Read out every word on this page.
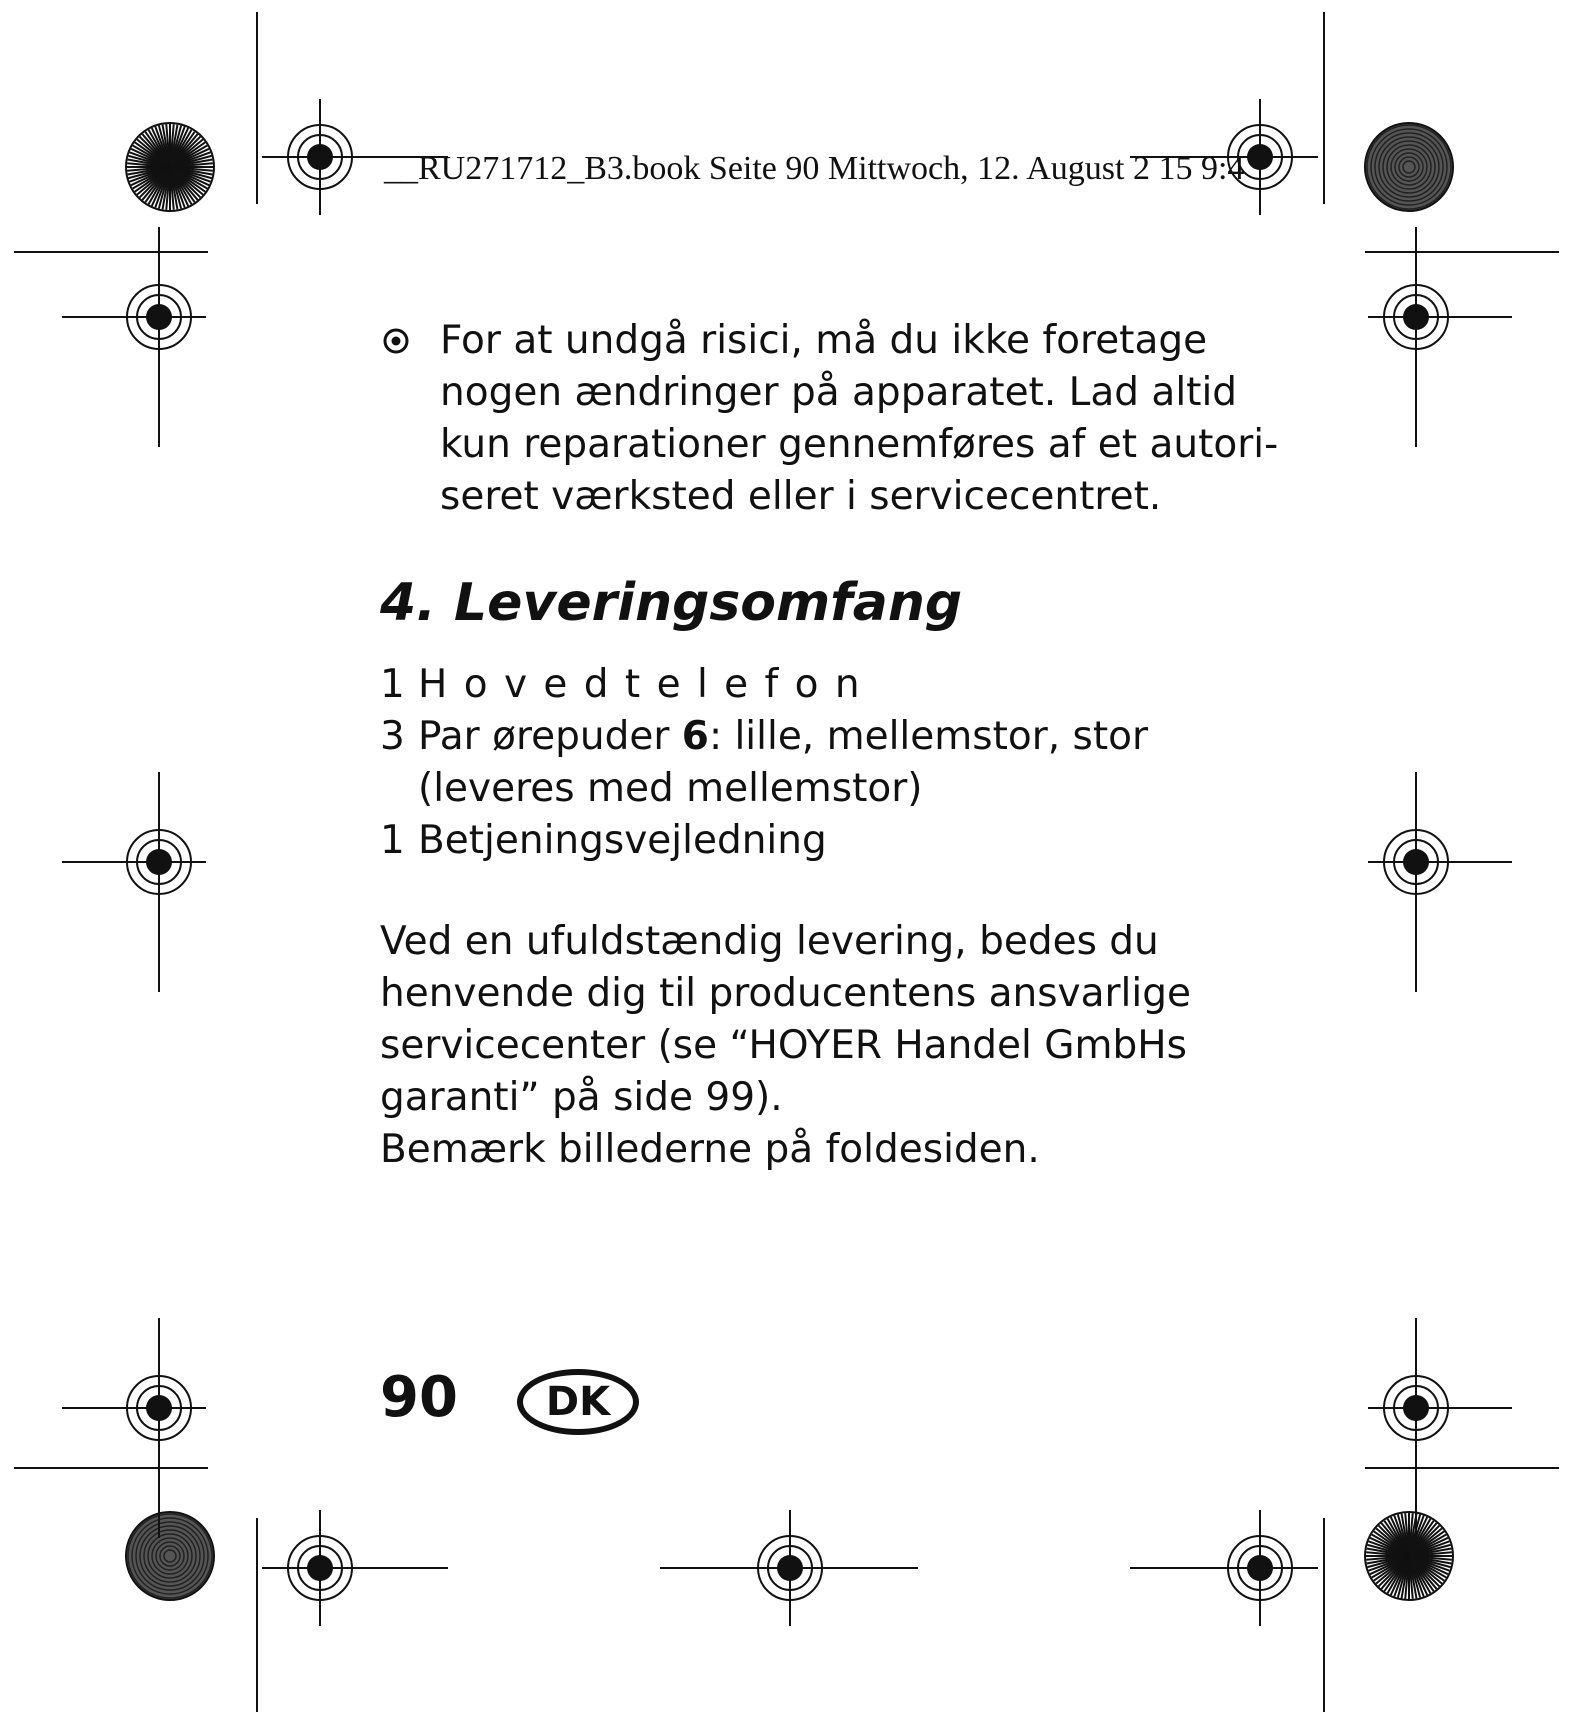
__RU271712_B3.book Seite 90 Mittwoch, 12. August 2 15 9:4
For at undgå risici, må du ikke foretage
nogen ændringer på apparatet. Lad altid
kun reparationer gennemføres af et autori-
seret værksted eller i servicecentret.
4. Leveringsomfang
1 Hovedtelefon
3 Par ørepuder 6: lille, mellemstor, stor
(leveres med mellemstor)
1 Betjeningsvejledning
Ved en ufuldstændig levering, bedes du
henvende dig til producentens ansvarlige
servicecenter (se “HOYER Handel GmbHs
garanti” på side 99).
Bemærk billederne på foldesiden.
90	DK
